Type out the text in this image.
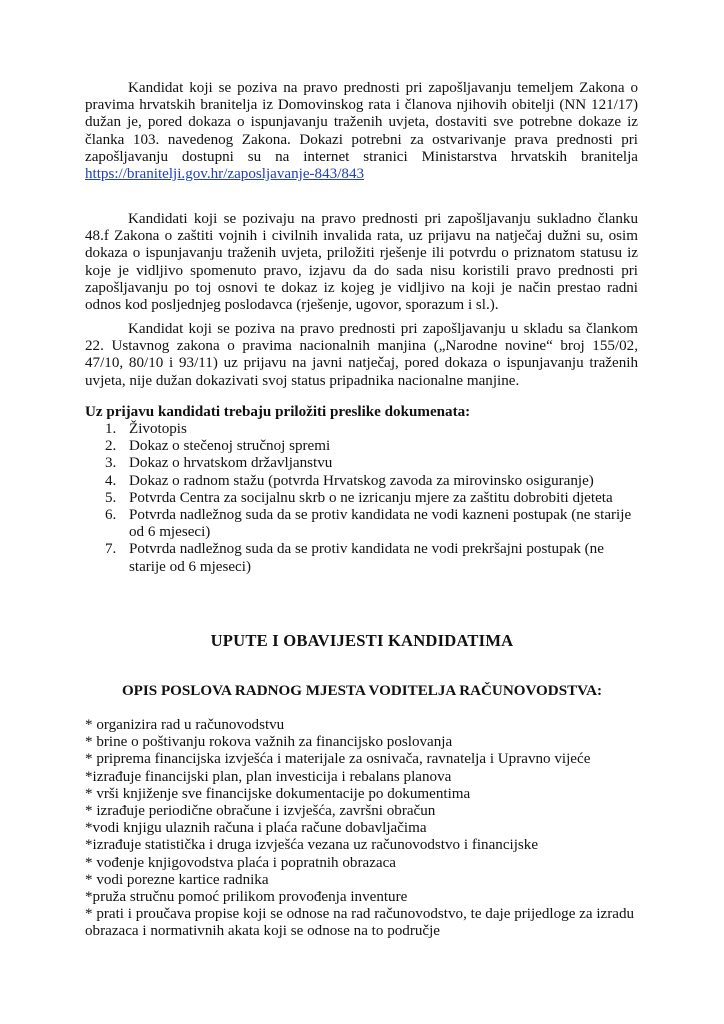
Kandidat koji se poziva na pravo prednosti pri zapošljavanju temeljem Zakona o pravima hrvatskih branitelja iz Domovinskog rata i članova njihovih obitelji (NN 121/17) dužan je, pored dokaza o ispunjavanju traženih uvjeta, dostaviti sve potrebne dokaze iz članka 103. navedenog Zakona. Dokazi potrebni za ostvarivanje prava prednosti pri zapošljavanju dostupni su na internet stranici Ministarstva hrvatskih branitelja https://branitelji.gov.hr/zaposljavanje-843/843

Kandidati koji se pozivaju na pravo prednosti pri zapošljavanju sukladno članku 48.f Zakona o zaštiti vojnih i civilnih invalida rata, uz prijavu na natječaj dužni su, osim dokaza o ispunjavanju traženih uvjeta, priložiti rješenje ili potvrdu o priznatom statusu iz koje je vidljivo spomenuto pravo, izjavu da do sada nisu koristili pravo prednosti pri zapošljavanju po toj osnovi te dokaz iz kojeg je vidljivo na koji je način prestao radni odnos kod posljednjeg poslodavca (rješenje, ugovor, sporazum i sl.).

Kandidat koji se poziva na pravo prednosti pri zapošljavanju u skladu sa člankom 22. Ustavnog zakona o pravima nacionalnih manjina („Narodne novine“ broj 155/02, 47/10, 80/10 i 93/11) uz prijavu na javni natječaj, pored dokaza o ispunjavanju traženih uvjeta, nije dužan dokazivati svoj status pripadnika nacionalne manjine.

Uz prijavu kandidati trebaju priložiti preslike dokumenata:

1. Životopis
2. Dokaz o stečenoj stručnoj spremi
3. Dokaz o hrvatskom državljanstvu
4. Dokaz o radnom stažu (potvrda Hrvatskog zavoda za mirovinsko osiguranje)
5. Potvrda Centra za socijalnu skrb o ne izricanju mjere za zaštitu dobrobiti djeteta
6. Potvrda nadležnog suda da se protiv kandidata ne vodi kazneni postupak (ne starije od 6 mjeseci)
7. Potvrda nadležnog suda da se protiv kandidata ne vodi prekršajni postupak (ne starije od 6 mjeseci)
UPUTE I OBAVIJESTI KANDIDATIMA
OPIS POSLOVA RADNOG MJESTA VODITELJA RAČUNOVODSTVA:
* organizira rad u računovodstvu
* brine o poštivanju rokova važnih za financijsko poslovanja
* priprema financijska izvješća i materijale za osnivača, ravnatelja i Upravno vijeće
*izrađuje financijski plan, plan investicija i rebalans planova
* vrši knjiženje sve financijske dokumentacije po dokumentima
* izrađuje periodične obračune i izvješća, završni obračun
*vodi knjigu ulaznih računa i plaća račune dobavljačima
*izrađuje statistička i druga izvješća vezana uz računovodstvo i financijske
* vođenje knjigovodstva plaća i popratnih obrazaca
* vodi porezne kartice radnika
*pruža stručnu pomoć prilikom provođenja inventure
* prati i proučava propise koji se odnose na rad računovodstvo, te daje prijedloge za izradu obrazaca i normativnih akata koji se odnose na to područje
